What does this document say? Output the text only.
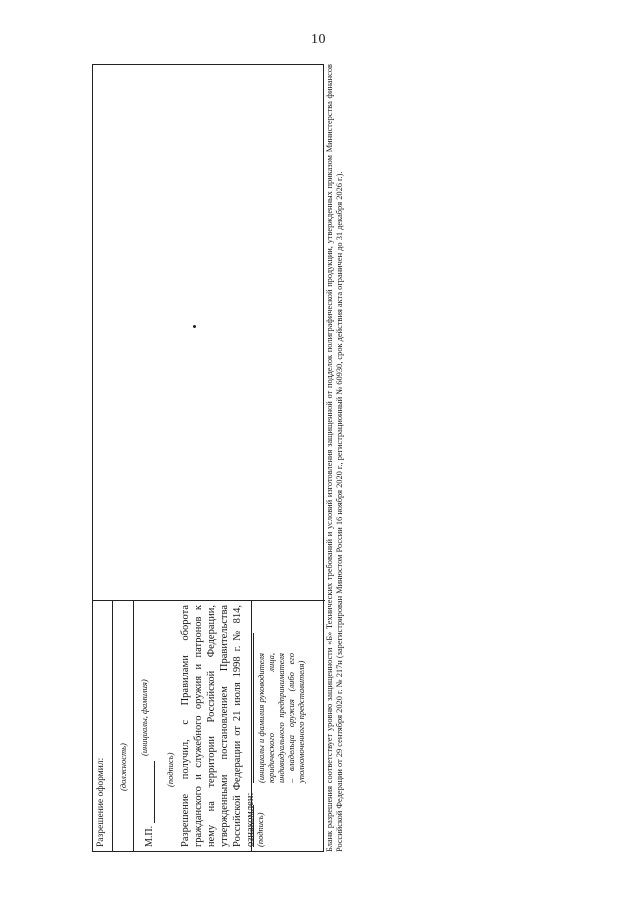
10
Разрешение оформил: (должность)
М.П.
(инициалы, фамилия)
(подпись) Разрешение получил, с Правилами оборота гражданского и служебного оружия и патронов к нему на территории Российской Федерации, утвержденными постановлением Правительства Российской Федерации от 21 июля 1998 г. № 814, ознакомлен: (подпись)
(инициалы и фамилия руководителя юридического лица, индивидуального предпринимателя – владельца оружия (либо его уполномоченного представителя) Бланк разрешения соответствует уровню защищенности «Б» Технических требований и условий изготовления защищенной от подделок полиграфической продукции, утвержденных приказом Министерства финансов Российской Федерации от 29 сентября 2020 г. № 217н (зарегистрирован Минюстом России 16 ноября 2020 г., регистрационный № 60930, срок действия акта ограничен до 31 декабря 2026 г.).
